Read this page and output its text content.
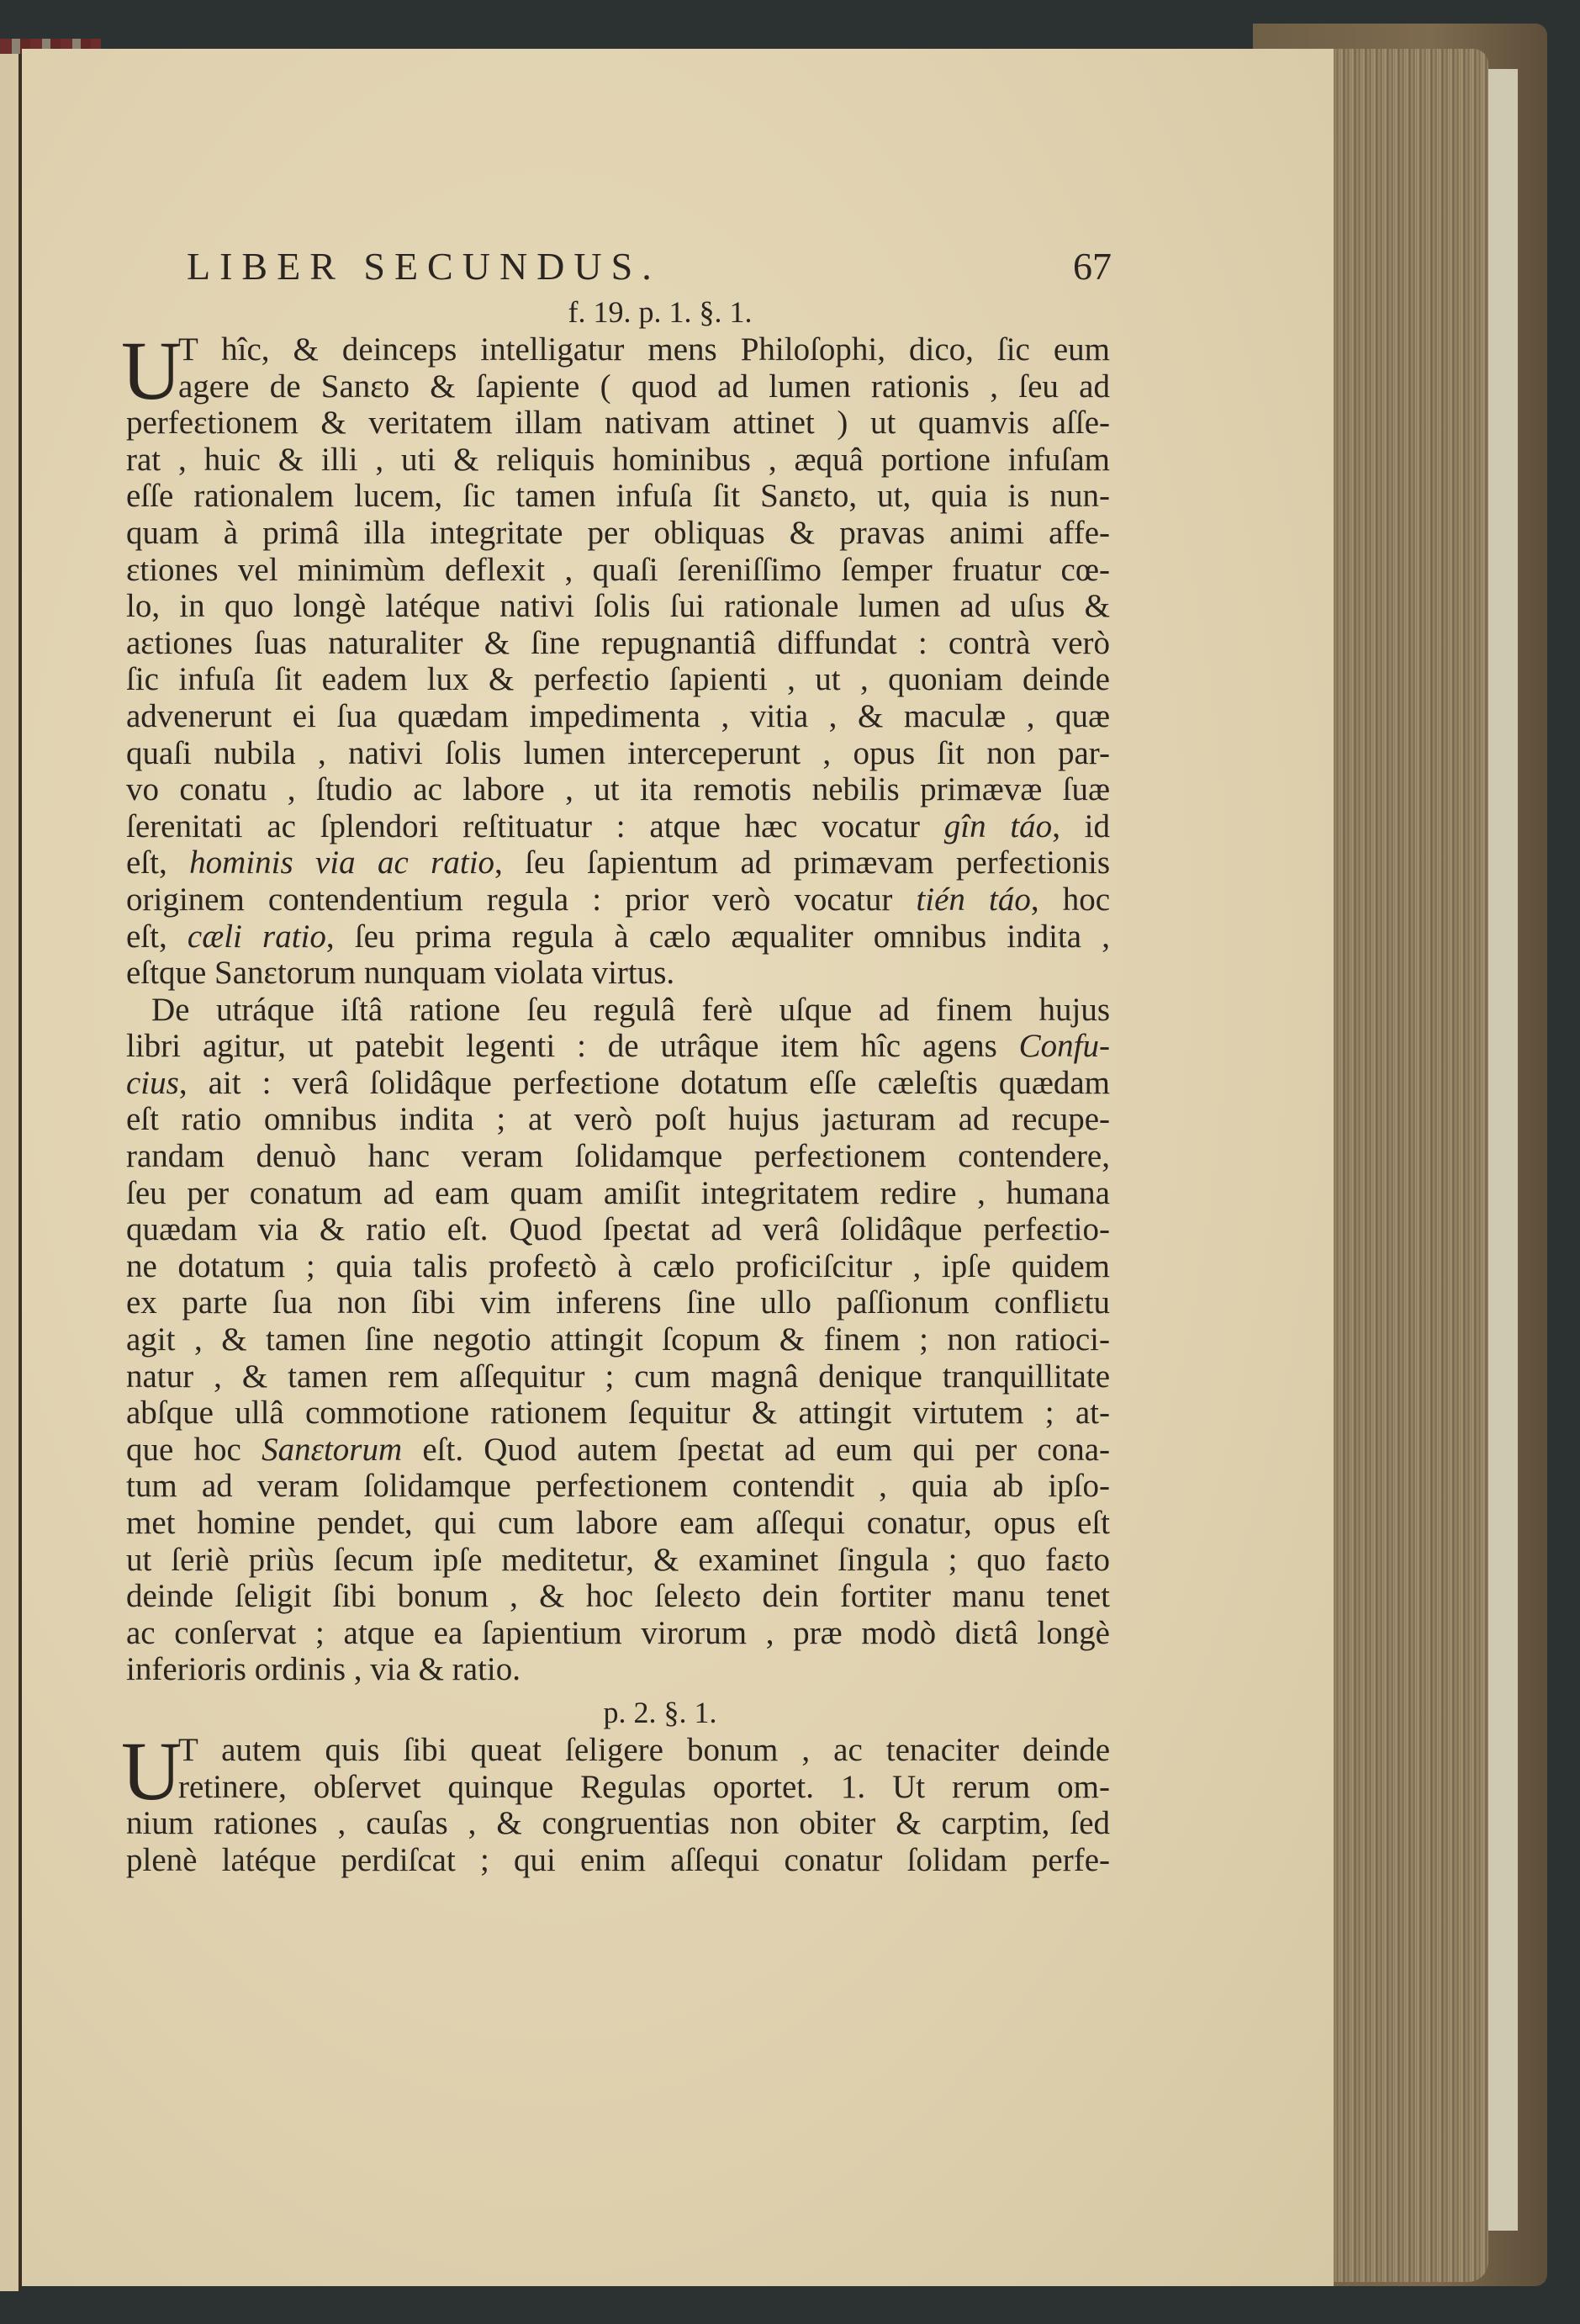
LIBER SECUNDUS.	67
f. 19. p. 1. §. 1.
U
T hîc, & deinceps intelligatur mens Philoſophi, dico, ſic eum
agere de Sanɛto & ſapiente ( quod ad lumen rationis , ſeu ad
perfeɛtionem & veritatem illam nativam attinet ) ut quamvis aſſe-
rat , huic & illi , uti & reliquis hominibus , æquâ portione infuſam
eſſe rationalem lucem, ſic tamen infuſa ſit Sanɛto, ut, quia is nun-
quam à primâ illa integritate per obliquas & pravas animi affe-
ɛtiones vel minimùm deflexit , quaſi ſereniſſimo ſemper fruatur cœ-
lo, in quo longè latéque nativi ſolis ſui rationale lumen ad uſus &
aɛtiones ſuas naturaliter & ſine repugnantiâ diffundat : contrà verò
ſic infuſa ſit eadem lux & perfeɛtio ſapienti , ut , quoniam deinde
advenerunt ei ſua quædam impedimenta , vitia , & maculæ , quæ
quaſi nubila , nativi ſolis lumen interceperunt , opus ſit non par-
vo conatu , ſtudio ac labore , ut ita remotis nebilis primævæ ſuæ
ſerenitati ac ſplendori reſtituatur : atque hæc vocatur gîn táo, id
eſt, hominis via ac ratio, ſeu ſapientum ad primævam perfeɛtionis
originem contendentium regula : prior verò vocatur tién táo, hoc
eſt, cæli ratio, ſeu prima regula à cælo æqualiter omnibus indita ,
eſtque Sanɛtorum nunquam violata virtus.
De utráque iſtâ ratione ſeu regulâ ferè uſque ad finem hujus
libri agitur, ut patebit legenti : de utrâque item hîc agens Confu-
cius, ait : verâ ſolidâque perfeɛtione dotatum eſſe cæleſtis quædam
eſt ratio omnibus indita ; at verò poſt hujus jaɛturam ad recupe-
randam denuò hanc veram ſolidamque perfeɛtionem contendere,
ſeu per conatum ad eam quam amiſit integritatem redire , humana
quædam via & ratio eſt. Quod ſpeɛtat ad verâ ſolidâque perfeɛtio-
ne dotatum ; quia talis profeɛtò à cælo proficiſcitur , ipſe quidem
ex parte ſua non ſibi vim inferens ſine ullo paſſionum confliɛtu
agit , & tamen ſine negotio attingit ſcopum & finem ; non ratioci-
natur , & tamen rem aſſequitur ; cum magnâ denique tranquillitate
abſque ullâ commotione rationem ſequitur & attingit virtutem ; at-
que hoc Sanɛtorum eſt. Quod autem ſpeɛtat ad eum qui per cona-
tum ad veram ſolidamque perfeɛtionem contendit , quia ab ipſo-
met homine pendet, qui cum labore eam aſſequi conatur, opus eſt
ut ſeriè priùs ſecum ipſe meditetur, & examinet ſingula ; quo faɛto
deinde ſeligit ſibi bonum , & hoc ſeleɛto dein fortiter manu tenet
ac conſervat ; atque ea ſapientium virorum , præ modò diɛtâ longè
inferioris ordinis , via & ratio.
p. 2. §. 1.
U
T autem quis ſibi queat ſeligere bonum , ac tenaciter deinde
retinere, obſervet quinque Regulas oportet. 1. Ut rerum om-
nium rationes , cauſas , & congruentias non obiter & carptim, ſed
plenè latéque perdiſcat ; qui enim aſſequi conatur ſolidam perfe-
